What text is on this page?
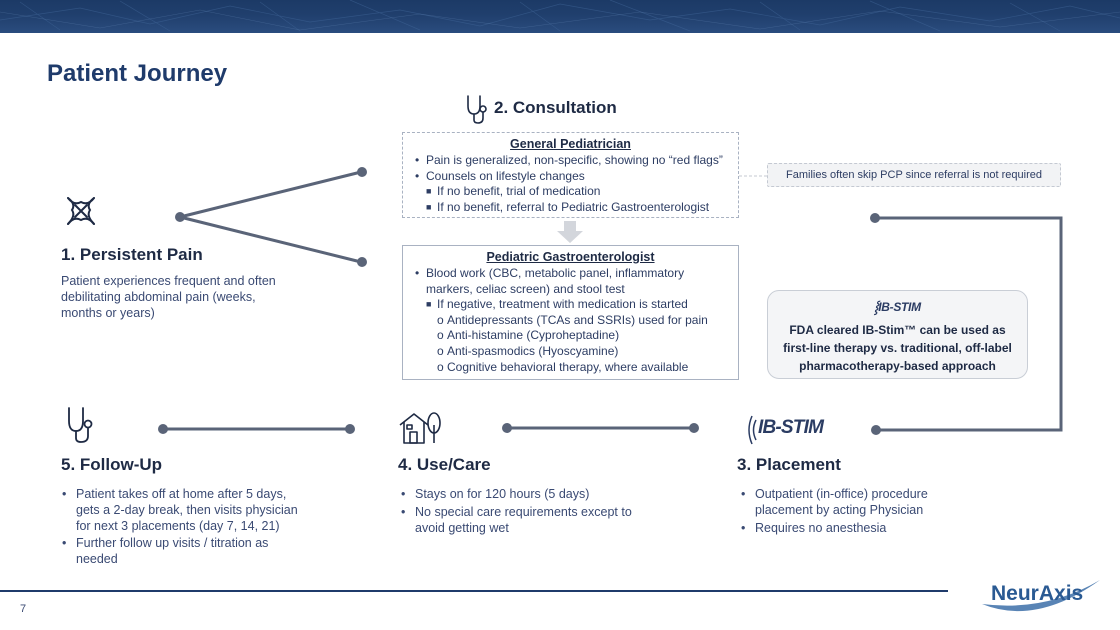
Patient Journey
1. Persistent Pain
Patient experiences frequent and often
debilitating abdominal pain (weeks,
months or years)
2. Consultation
General Pediatrician
• Pain is generalized, non-specific, showing no “red flags”
• Counsels on lifestyle changes
■ If no benefit, trial of medication
■ If no benefit, referral to Pediatric Gastroenterologist
Pediatric Gastroenterologist
• Blood work (CBC, metabolic panel, inflammatory
markers, celiac screen) and stool test
■ If negative, treatment with medication is started
o Antidepressants (TCAs and SSRIs) used for pain
o Anti-histamine (Cyproheptadine)
o Anti-spasmodics (Hyoscyamine)
o Cognitive behavioral therapy, where available
Families often skip PCP since referral is not required
⸾IB-STIM
FDA cleared IB-Stim™ can be used as
first-line therapy vs. traditional, off-label
pharmacotherapy-based approach
IB-STIM
3. Placement
• Outpatient (in-office) procedure placement by acting Physician
• Requires no anesthesia
4. Use/Care
• Stays on for 120 hours (5 days)
• No special care requirements except to avoid getting wet
5. Follow-Up
• Patient takes off at home after 5 days, gets a 2-day break, then visits physician for next 3 placements (day 7, 14, 21)
• Further follow up visits / titration as needed
7
NeurAxis
